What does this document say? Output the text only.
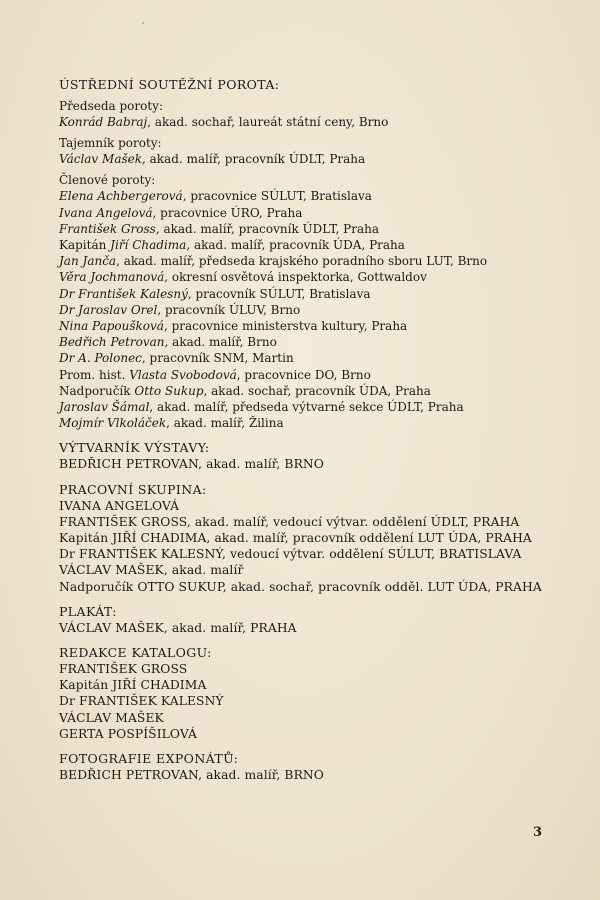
ÚSTŘEDNÍ SOUTĚŽNÍ POROTA:
Předseda poroty:
Konrád Babraj, akad. sochař, laureát státní ceny, Brno
Tajemník poroty:
Václav Mašek, akad. malíř, pracovník ÚDLT, Praha
Členové poroty:
Elena Achbergerová, pracovnice SÚLUT, Bratislava
Ivana Angelová, pracovnice ÚRO, Praha
František Gross, akad. malíř, pracovník ÚDLT, Praha
Kapitán Jiří Chadima, akad. malíř, pracovník ÚDA, Praha
Jan Janča, akad. malíř, předseda krajského poradního sboru LUT, Brno
Věra Jochmanová, okresní osvětová inspektorka, Gottwaldov
Dr František Kalesný, pracovník SÚLUT, Bratislava
Dr Jaroslav Orel, pracovník ÚLUV, Brno
Nina Papoušková, pracovnice ministerstva kultury, Praha
Bedřich Petrovan, akad. malíř, Brno
Dr A. Polonec, pracovník SNM, Martin
Prom. hist. Vlasta Svobodová, pracovnice DO, Brno
Nadporučík Otto Sukup, akad. sochař, pracovník ÚDA, Praha
Jaroslav Šámal, akad. malíř, předseda výtvarné sekce ÚDLT, Praha
Mojmír Vlkoláček, akad. malíř, Žilina
VÝTVARNÍK VÝSTAVY:
BEDŘICH PETROVAN, akad. malíř, BRNO
PRACOVNÍ SKUPINA:
IVANA ANGELOVÁ
FRANTIŠEK GROSS, akad. malíř, vedoucí výtvar. oddělení ÚDLT, PRAHA
Kapitán JIŘÍ CHADIMA, akad. malíř, pracovník oddělení LUT ÚDA, PRAHA
Dr FRANTIŠEK KALESNÝ, vedoucí výtvar. oddělení SÚLUT, BRATISLAVA
VÁCLAV MAŠEK, akad. malíř
Nadporučík OTTO SUKUP, akad. sochař, pracovník odděl. LUT ÚDA, PRAHA
PLAKÁT:
VÁCLAV MAŠEK, akad. malíř, PRAHA
REDAKCE KATALOGU:
FRANTIŠEK GROSS
Kapitán JIŘÍ CHADIMA
Dr FRANTIŠEK KALESNÝ
VÁCLAV MAŠEK
GERTA POSPÍŠILOVÁ
FOTOGRAFIE EXPONÁTŮ:
BEDŘICH PETROVAN, akad. malíř, BRNO
3
